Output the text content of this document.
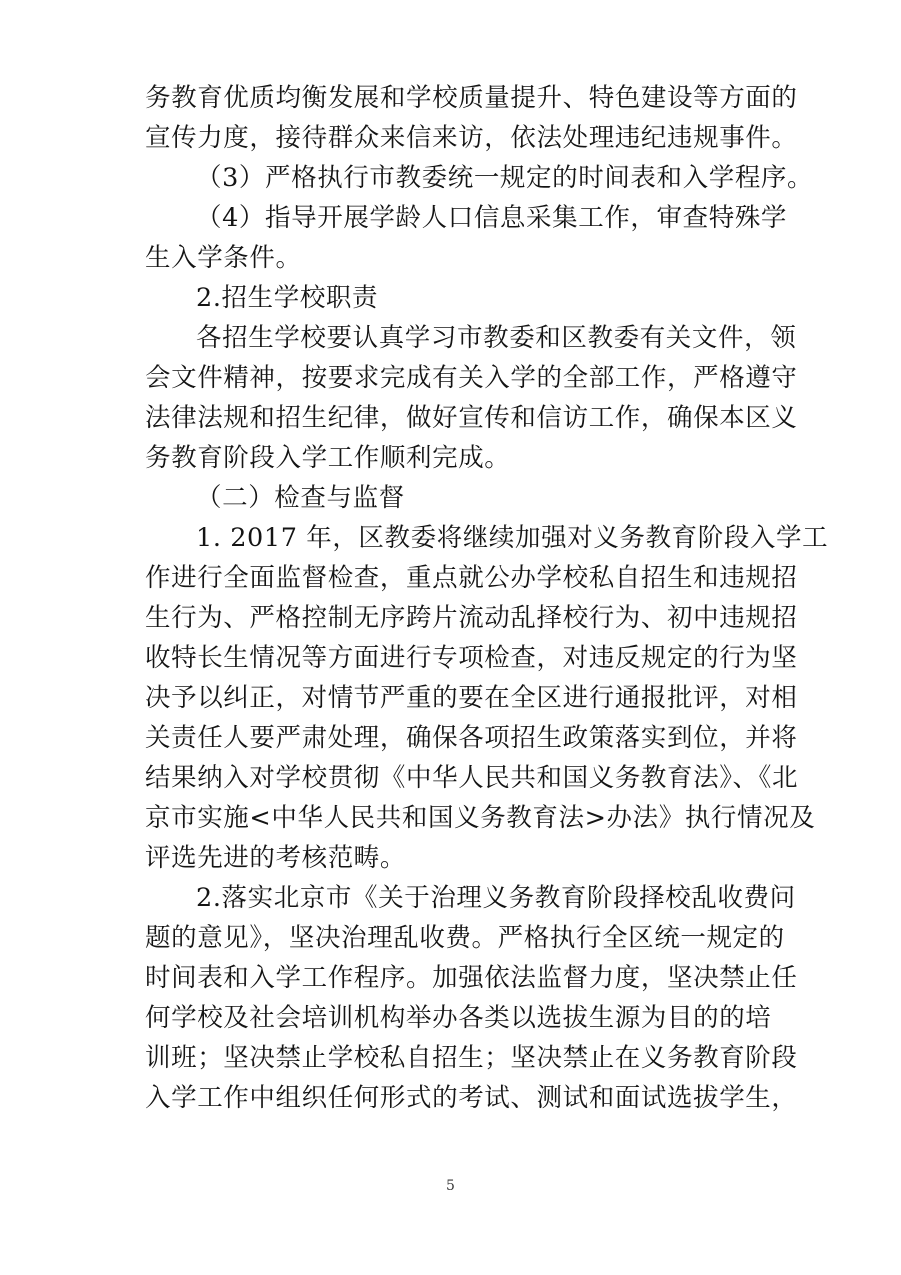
务教育优质均衡发展和学校质量提升、特色建设等方面的
宣传力度，接待群众来信来访，依法处理违纪违规事件。
（3）严格执行市教委统一规定的时间表和入学程序。
（4）指导开展学龄人口信息采集工作，审查特殊学
生入学条件。
2.招生学校职责
各招生学校要认真学习市教委和区教委有关文件，领
会文件精神，按要求完成有关入学的全部工作，严格遵守
法律法规和招生纪律，做好宣传和信访工作，确保本区义
务教育阶段入学工作顺利完成。
（二）检查与监督
1. 2017 年，区教委将继续加强对义务教育阶段入学工
作进行全面监督检查，重点就公办学校私自招生和违规招
生行为、严格控制无序跨片流动乱择校行为、初中违规招
收特长生情况等方面进行专项检查，对违反规定的行为坚
决予以纠正，对情节严重的要在全区进行通报批评，对相
关责任人要严肃处理，确保各项招生政策落实到位，并将
结果纳入对学校贯彻《中华人民共和国义务教育法》、《北
京市实施<中华人民共和国义务教育法>办法》执行情况及
评选先进的考核范畴。
2.落实北京市《关于治理义务教育阶段择校乱收费问
题的意见》，坚决治理乱收费。严格执行全区统一规定的
时间表和入学工作程序。加强依法监督力度，坚决禁止任
何学校及社会培训机构举办各类以选拔生源为目的的培
训班；坚决禁止学校私自招生；坚决禁止在义务教育阶段
入学工作中组织任何形式的考试、测试和面试选拔学生，
5
